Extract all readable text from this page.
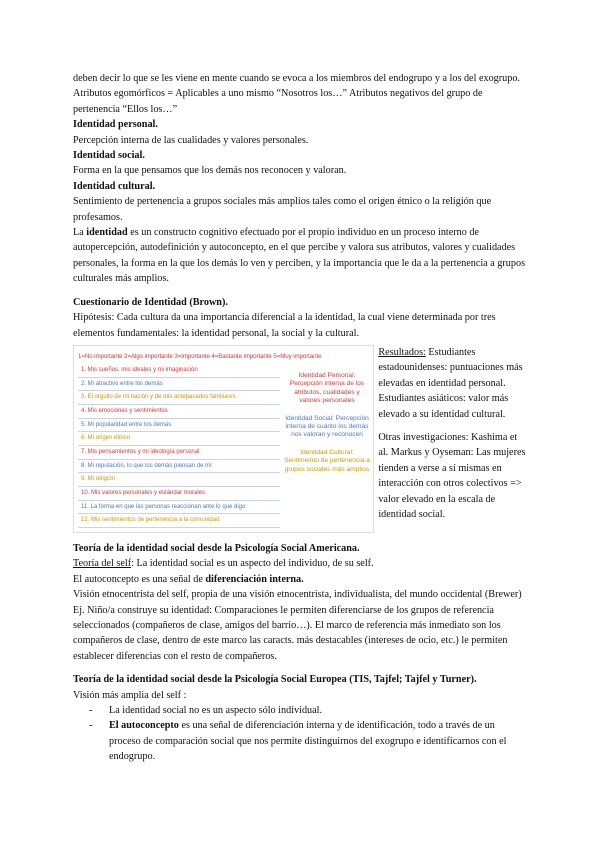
deben decir lo que se les viene en mente cuando se evoca a los miembros del endogrupo y a los del exogrupo.

Atributos egomórficos = Aplicables a uno mismo “Nosotros los…” Atributos negativos del grupo de pertenencia “Ellos los…”

Identidad personal.

Percepción interna de las cualidades y valores personales.

Identidad social.

Forma en la que pensamos que los demás nos reconocen y valoran.

Identidad cultural.

Sentimiento de pertenencia a grupos sociales más amplios tales como el origen étnico o la religión que profesamos.

La identidad es un constructo cognitivo efectuado por el propio individuo en un proceso interno de autopercepción, autodefinición y autoconcepto, en el que percibe y valora sus atributos, valores y cualidades personales, la forma en la que los demás lo ven y perciben, y la importancia que le da a la pertenencia a grupos culturales más amplios.

Cuestionario de Identidad (Brown).

Hipótesis: Cada cultura da una importancia diferencial a la identidad, la cual viene determinada por tres elementos fundamentales: la identidad personal, la social y la cultural.

1=No importante 2=Algo importante 3=Importante 4=Bastante importante 5=Muy importante
1. Mis sueños, mis ideales y mi imaginación
2. Mi atractivo entre los demás
3. El orgullo de mi nación y de mis antepasados familiares
4. Mis emociones y sentimientos
5. Mi popularidad entre los demás
6. Mi origen étnico
7. Mis pensamientos y mi ideología personal
8. Mi reputación, lo que los demás piensan de mí
9. Mi religión
10. Mis valores personales y estándar morales
11. La forma en que las personas reaccionan ante lo que digo
12. Mis sentimientos de pertenencia a la comunidad
Identidad Personal: Percepción interna de los atributos, cualidades y valores personales
Identidad Social: Percepción interna de cuánto los demás nos valoran y reconocen
Identidad Cultural: Sentimiento de pertenencia a grupos sociales más amplios

Resultados: Estudiantes estadounidenses: puntuaciones más elevadas en identidad personal.

Estudiantes asiáticos: valor más elevado a su identidad cultural.

Otras investigaciones: Kashima et al. Markus y Oyseman: Las mujeres tienden a verse a sí mismas en interacción con otros colectivos => valor elevado en la escala de identidad social.

Teoría de la identidad social desde la Psicología Social Americana.

Teoría del self: La identidad social es un aspecto del individuo, de su self.

El autoconcepto es una señal de diferenciación interna.

Visión etnocentrista del self, propia de una visión etnocentrista, individualista, del mundo occidental (Brewer) Ej. Niño/a construye su identidad: Comparaciones le permiten diferenciarse de los grupos de referencia seleccionados (compañeros de clase, amigos del barrio…). El marco de referencia más inmediato son los compañeros de clase, dentro de este marco las caracts. más destacables (intereses de ocio, etc.) le permiten establecer diferencias con el resto de compañeros.

Teoría de la identidad social desde la Psicología Social Europea (TIS, Tajfel; Tajfel y Turner).

Visión más amplia del self :

- La identidad social no es un aspecto sólo individual.
- El autoconcepto es una señal de diferenciación interna y de identificación, todo a través de un proceso de comparación social que nos permite distinguirnos del exogrupo e identificarnos con el endogrupo.
